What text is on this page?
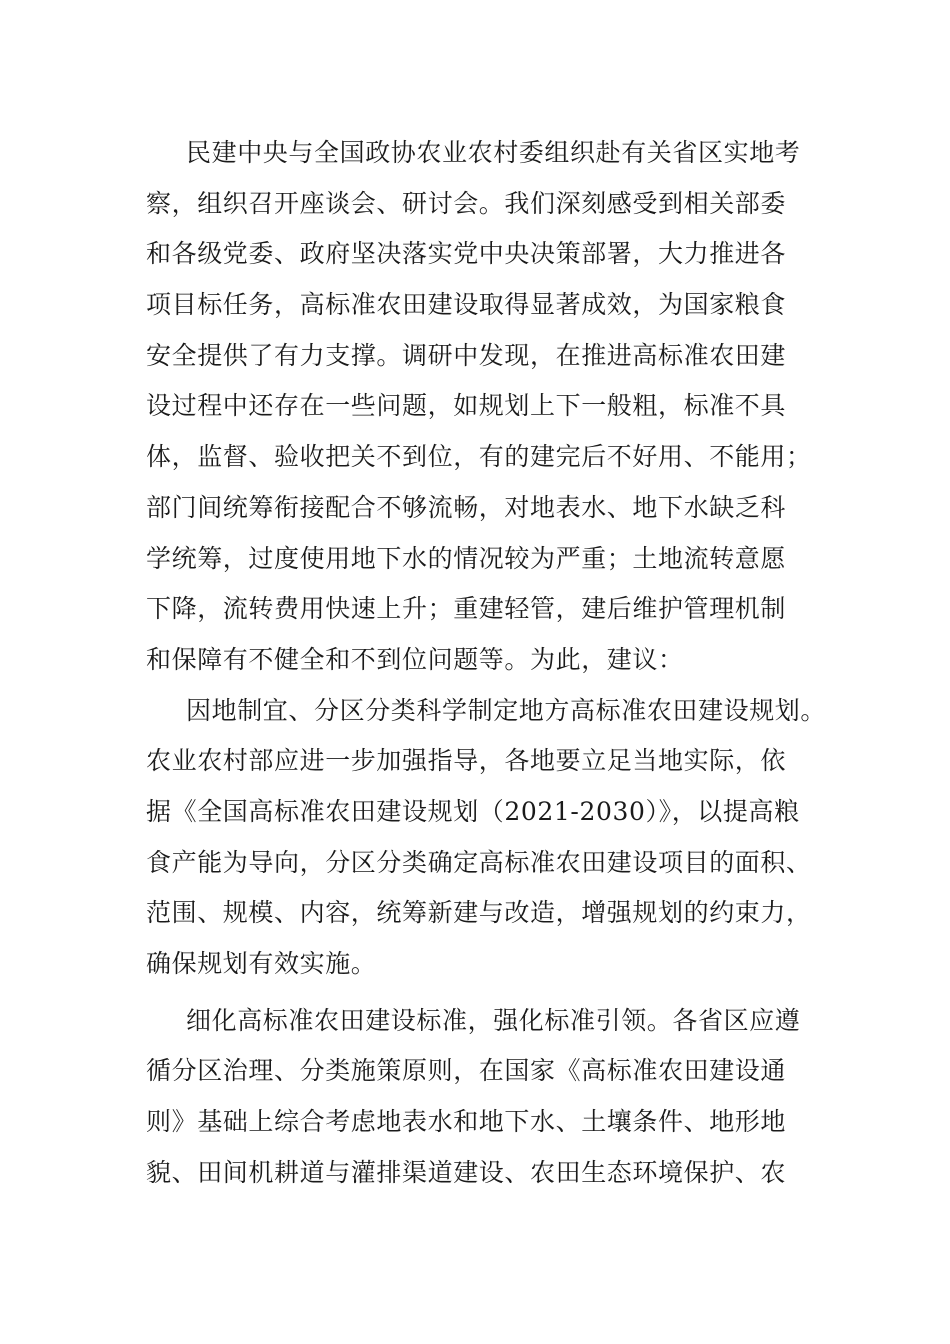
民建中央与全国政协农业农村委组织赴有关省区实地考
察，组织召开座谈会、研讨会。我们深刻感受到相关部委
和各级党委、政府坚决落实党中央决策部署，大力推进各
项目标任务，高标准农田建设取得显著成效，为国家粮食
安全提供了有力支撑。调研中发现，在推进高标准农田建
设过程中还存在一些问题，如规划上下一般粗，标准不具
体，监督、验收把关不到位，有的建完后不好用、不能用；
部门间统筹衔接配合不够流畅，对地表水、地下水缺乏科
学统筹，过度使用地下水的情况较为严重；土地流转意愿
下降，流转费用快速上升；重建轻管，建后维护管理机制
和保障有不健全和不到位问题等。为此，建议：
因地制宜、分区分类科学制定地方高标准农田建设规划。
农业农村部应进一步加强指导，各地要立足当地实际，依
据《全国高标准农田建设规划（2021-2030）》，以提高粮
食产能为导向，分区分类确定高标准农田建设项目的面积、
范围、规模、内容，统筹新建与改造，增强规划的约束力，
确保规划有效实施。
细化高标准农田建设标准，强化标准引领。各省区应遵
循分区治理、分类施策原则，在国家《高标准农田建设通
则》基础上综合考虑地表水和地下水、土壤条件、地形地
貌、田间机耕道与灌排渠道建设、农田生态环境保护、农
